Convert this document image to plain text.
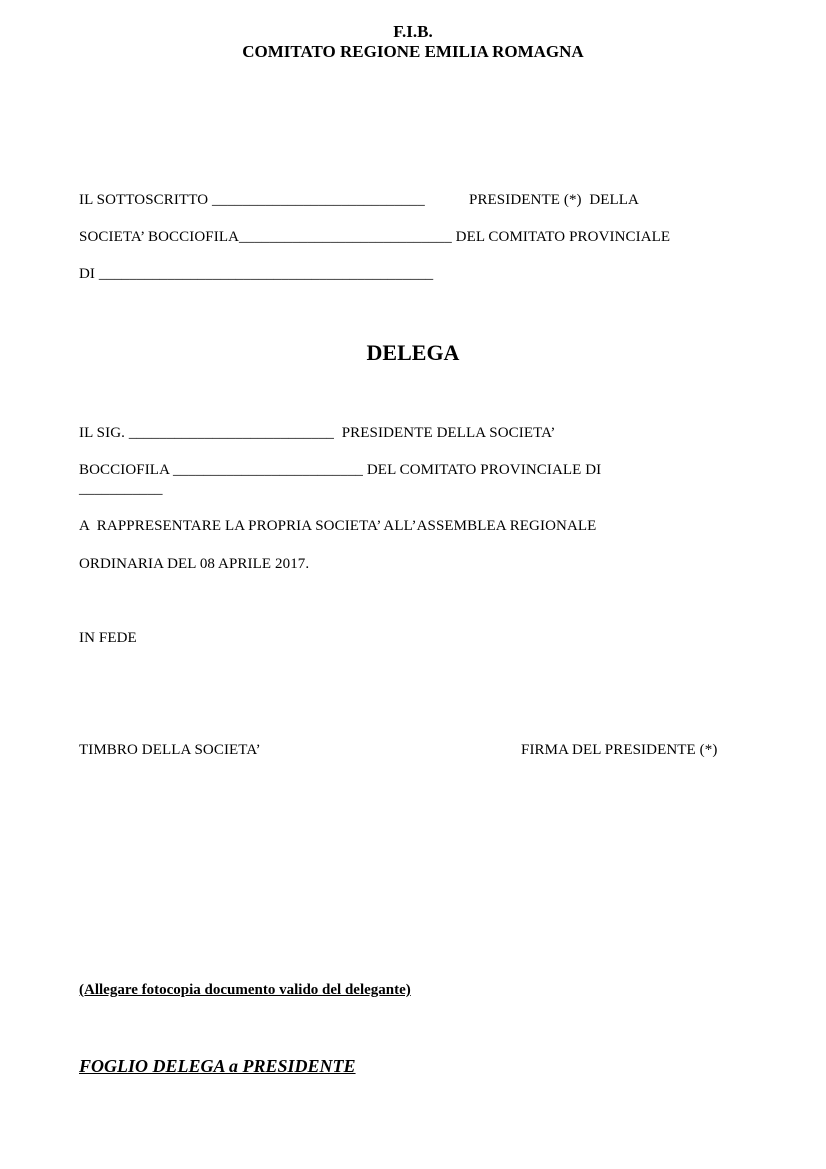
F.I.B.
COMITATO REGIONE EMILIA ROMAGNA
IL SOTTOSCRITTO ____________________________	PRESIDENTE (*)  DELLA
SOCIETA’ BOCCIOFILA____________________________ DEL COMITATO PROVINCIALE
DI ____________________________________________
DELEGA
IL SIG. ___________________________  PRESIDENTE DELLA SOCIETA’
BOCCIOFILA _________________________ DEL COMITATO PROVINCIALE DI
___________
A  RAPPRESENTARE LA PROPRIA SOCIETA’ ALL’ASSEMBLEA REGIONALE
ORDINARIA DEL 08 APRILE 2017.
IN FEDE
TIMBRO DELLA SOCIETA’	FIRMA DEL PRESIDENTE (*)
(Allegare fotocopia documento valido del delegante)
FOGLIO DELEGA a PRESIDENTE
